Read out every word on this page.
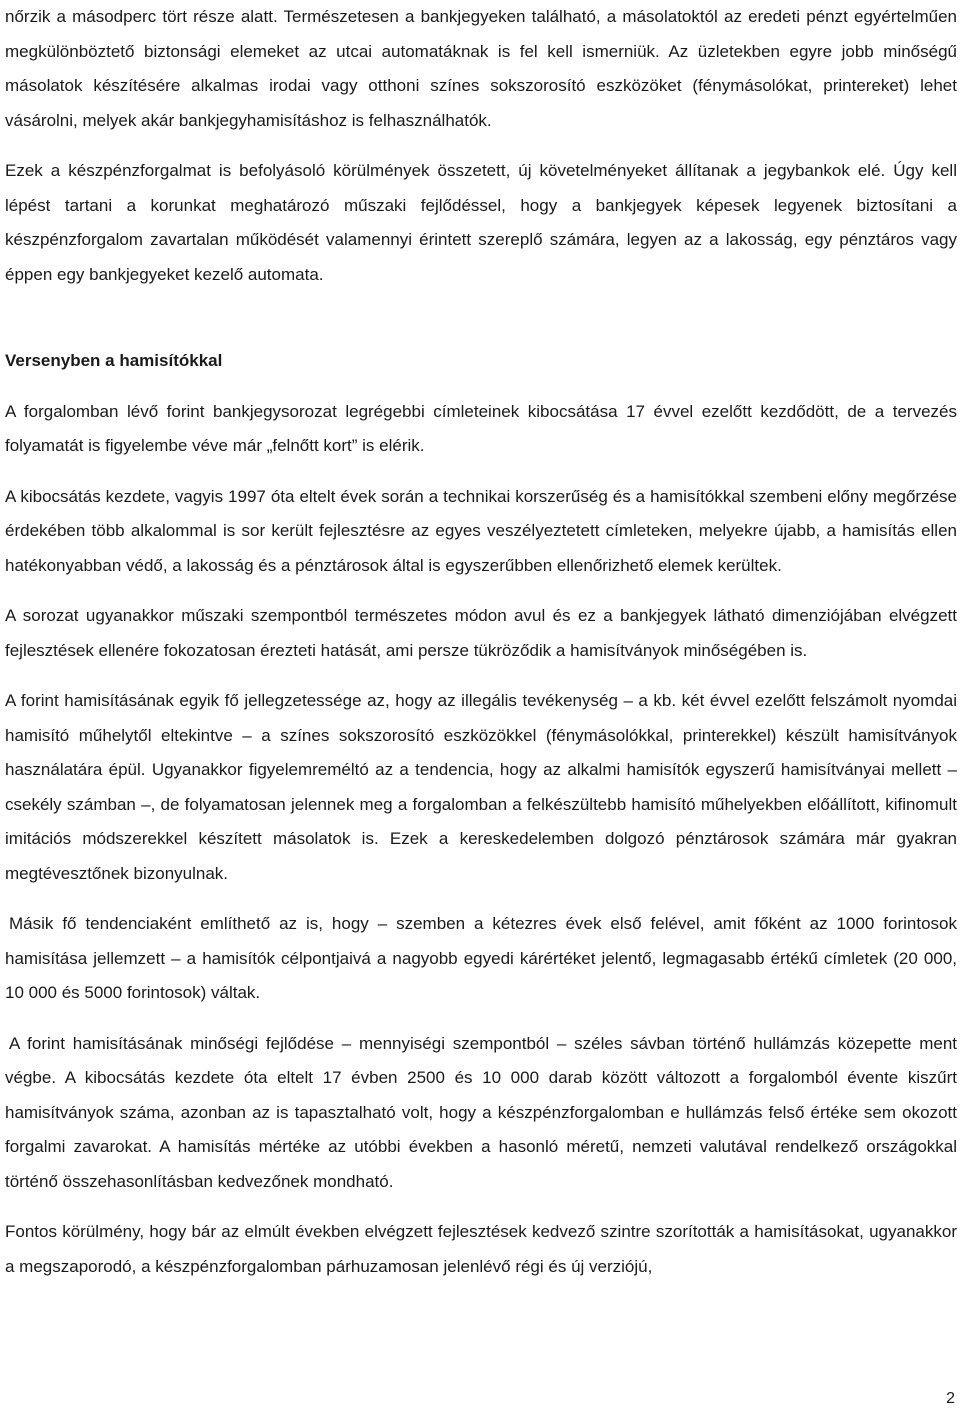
nőrzik a másodperc tört része alatt. Természetesen a bankjegyeken található, a másolatoktól az eredeti pénzt egyértelműen megkülönböztető biztonsági elemeket az utcai automatáknak is fel kell ismerniük. Az üzletekben egyre jobb minőségű másolatok készítésére alkalmas irodai vagy otthoni színes sokszorosító eszközöket (fénymásolókat, printereket) lehet vásárolni, melyek akár bankjegyhamisításhoz is felhasználhatók.

Ezek a készpénzforgalmat is befolyásoló körülmények összetett, új követelményeket állítanak a jegybankok elé. Úgy kell lépést tartani a korunkat meghatározó műszaki fejlődéssel, hogy a bankjegyek képesek legyenek biztosítani a készpénzforgalom zavartalan működését valamennyi érintett szereplő számára, legyen az a lakosság, egy pénztáros vagy éppen egy bankjegyeket kezelő automata.

Versenyben a hamisítókkal

A forgalomban lévő forint bankjegysorozat legrégebbi címleteinek kibocsátása 17 évvel ezelőtt kezdődött, de a tervezés folyamatát is figyelembe véve már „felnőtt kort” is elérik.

A kibocsátás kezdete, vagyis 1997 óta eltelt évek során a technikai korszerűség és a hamisítókkal szembeni előny megőrzése érdekében több alkalommal is sor került fejlesztésre az egyes veszélyeztetett címleteken, melyekre újabb, a hamisítás ellen hatékonyabban védő, a lakosság és a pénztárosok által is egyszerűbben ellenőrizhető elemek kerültek.

A sorozat ugyanakkor műszaki szempontból természetes módon avul és ez a bankjegyek látható dimenziójában elvégzett fejlesztések ellenére fokozatosan érezteti hatását, ami persze tükröződik a hamisítványok minőségében is.

A forint hamisításának egyik fő jellegzetessége az, hogy az illegális tevékenység – a kb. két évvel ezelőtt felszámolt nyomdai hamisító műhelytől eltekintve – a színes sokszorosító eszközökkel (fénymásolókkal, printerekkel) készült hamisítványok használatára épül. Ugyanakkor figyelemreméltó az a tendencia, hogy az alkalmi hamisítók egyszerű hamisítványai mellett – csekély számban –, de folyamatosan jelennek meg a forgalomban a felkészültebb hamisító műhelyekben előállított, kifinomult imitációs módszerekkel készített másolatok is. Ezek a kereskedelemben dolgozó pénztárosok számára már gyakran megtévesztőnek bizonyulnak.

Másik fő tendenciaként említhető az is, hogy – szemben a kétezres évek első felével, amit főként az 1000 forintosok hamisítása jellemzett – a hamisítók célpontjaivá a nagyobb egyedi kárértéket jelentő, legmagasabb értékű címletek (20 000, 10 000 és 5000 forintosok) váltak.

A forint hamisításának minőségi fejlődése – mennyiségi szempontból – széles sávban történő hullámzás közepette ment végbe. A kibocsátás kezdete óta eltelt 17 évben 2500 és 10 000 darab között változott a forgalomból évente kiszűrt hamisítványok száma, azonban az is tapasztalható volt, hogy a készpénzforgalomban e hullámzás felső értéke sem okozott forgalmi zavarokat. A hamisítás mértéke az utóbbi években a hasonló méretű, nemzeti valutával rendelkező országokkal történő összehasonlításban kedvezőnek mondható.

Fontos körülmény, hogy bár az elmúlt években elvégzett fejlesztések kedvező szintre szorították a hamisításokat, ugyanakkor a megszaporodó, a készpénzforgalomban párhuzamosan jelenlévő régi és új verziójú,

2
